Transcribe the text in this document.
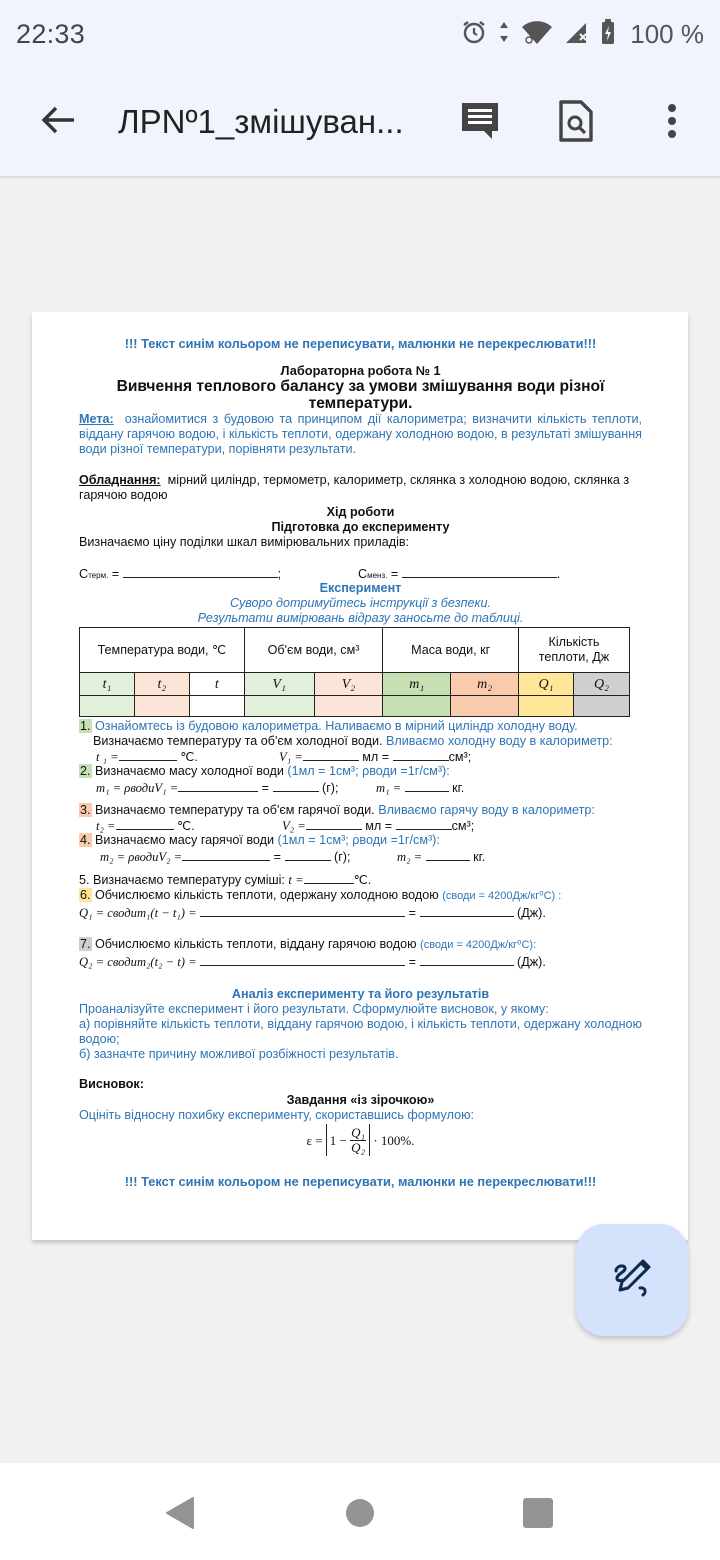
22:33	100 %
ЛРNº1_змішуван...
!!! Текст синім кольором не переписувати, малюнки не перекреслювати!!!
Лабораторна робота № 1
Вивчення теплового балансу за умови змішування води різної
температури.
Мета: ознайомитися з будовою та принципом дії калориметра; визначити кількість теплоти, віддану гарячою водою, і кількість теплоти, одержану холодною водою, в результаті змішування води різної температури, порівняти результати.
Обладнання: мірний циліндр, термометр, калориметр, склянка з холодною водою, склянка з гарячою водою
Хід роботи
Підготовка до експерименту
Визначаємо ціну поділки шкал вимірювальних приладів:
Стерм. =	;	Сменз. =	.
Експеримент
Суворо дотримуйтесь інструкції з безпеки.
Результати вимірювань відразу заносьте до таблиці.
Температура води, ℃			Об'єм води, см³		Маса води, кг		Кількість теплоти, Дж	
t₁	t₂	t	V₁	V₂	m₁	m₂	Q₁	Q₂

1. Ознайомтесь із будовою калориметра. Наливаємо в мірний циліндр холодну воду.
Визначаємо температуру та об'єм холодної води. Вливаємо холодну воду в калориметр:
t ₁ =	℃.	V₁ =	мл =	см³;
2. Визначаємо масу холодної води (1мл = 1см³; ρводи =1г/см³):
m₁ = ρводиV₁ =	=	(г);	m₁ =	кг.
3. Визначаємо температуру та об'єм гарячої води. Вливаємо гарячу воду в калориметр:
t₂ =	℃.	V₂ =	мл =	см³;
4. Визначаємо масу гарячої води (1мл = 1см³; ρводи =1г/см³):
m₂ = ρводиV₂ =	=	(г);	m₂ =	кг.
5. Визначаємо температуру суміші: t =	℃.
6. Обчислюємо кількість теплоти, одержану холодною водою (cводи = 4200Дж/кг⁰С) :
Q₁ = cводиm₁(t − t₁) =	=	(Дж).
7. Обчислюємо кількість теплоти, віддану гарячою водою (cводи = 4200Дж/кг⁰С):
Q₂ = cводиm₂(t₂ − t) =	=	(Дж).
Аналіз експерименту та його результатів
Проаналізуйте експеримент і його результати. Сформулюйте висновок, у якому:
а) порівняйте кількість теплоти, віддану гарячою водою, і кількість теплоти, одержану холодною водою;
б) зазначте причину можливої розбіжності результатів.
Висновок:
Завдання «із зірочкою»
Оцініть відносну похибку експерименту, скориставшись формулою:
ε =
1 −
$\frac{\text{Q₁}}{\text{Q₂}}$
· 100%.
!!! Текст синім кольором не переписувати, малюнки не перекреслювати!!!
